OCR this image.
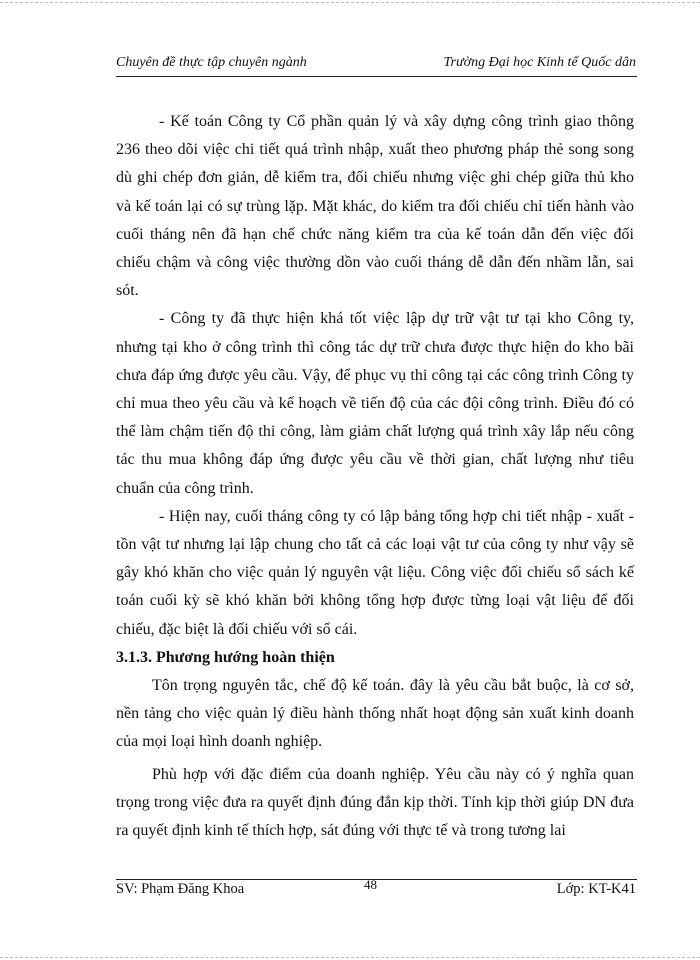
Chuyên đề thực tập chuyên ngành	Trường Đại học Kinh tế Quốc dân

- Kế toán Công ty Cổ phần quản lý và xây dựng công trình giao thông 236 theo dõi việc chi tiết quá trình nhập, xuất theo phương pháp thẻ song song dù ghi chép đơn giản, dễ kiểm tra, đối chiếu nhưng việc ghi chép giữa thủ kho và kế toán lại có sự trùng lặp. Mặt khác, do kiểm tra đối chiếu chỉ tiến hành vào cuối tháng nên đã hạn chế chức năng kiểm tra của kế toán dẫn đến việc đối chiếu chậm và công việc thường dồn vào cuối tháng dễ dẫn đến nhầm lẫn, sai sót.

- Công ty đã thực hiện khá tốt việc lập dự trữ vật tư tại kho Công ty, nhưng tại kho ở công trình thì công tác dự trữ chưa được thực hiện do kho bãi chưa đáp ứng được yêu cầu. Vậy, để phục vụ thi công tại các công trình Công ty chỉ mua theo yêu cầu và kế hoạch về tiến độ của các đội công trình. Điều đó có thể làm chậm tiến độ thi công, làm giảm chất lượng quá trình xây lắp nếu công tác thu mua không đáp ứng được yêu cầu về thời gian, chất lượng như tiêu chuẩn của công trình.

- Hiện nay, cuối tháng công ty có lập bảng tổng hợp chi tiết nhập - xuất - tồn vật tư nhưng lại lập chung cho tất cả các loại vật tư của công ty như vậy sẽ gây khó khăn cho việc quản lý nguyên vật liệu. Công việc đối chiếu sổ sách kế toán cuối kỳ sẽ khó khăn bởi không tổng hợp được từng loại vật liệu để đối chiếu, đặc biệt là đối chiếu với sổ cái.

3.1.3. Phương hướng hoàn thiện

Tôn trọng nguyên tắc, chế độ kế toán. đây là yêu cầu bắt buộc, là cơ sở, nền tảng cho việc quản lý điều hành thống nhất hoạt động sản xuất kinh doanh của mọi loại hình doanh nghiệp.

Phù hợp với đặc điểm của doanh nghiệp. Yêu cầu này có ý nghĩa quan trọng trong việc đưa ra quyết định đúng đắn kịp thời. Tính kịp thời giúp DN đưa ra quyết định kinh tế thích hợp, sát đúng với thực tế và trong tương lai

SV: Phạm Đăng Khoa	48	Lớp: KT-K41
